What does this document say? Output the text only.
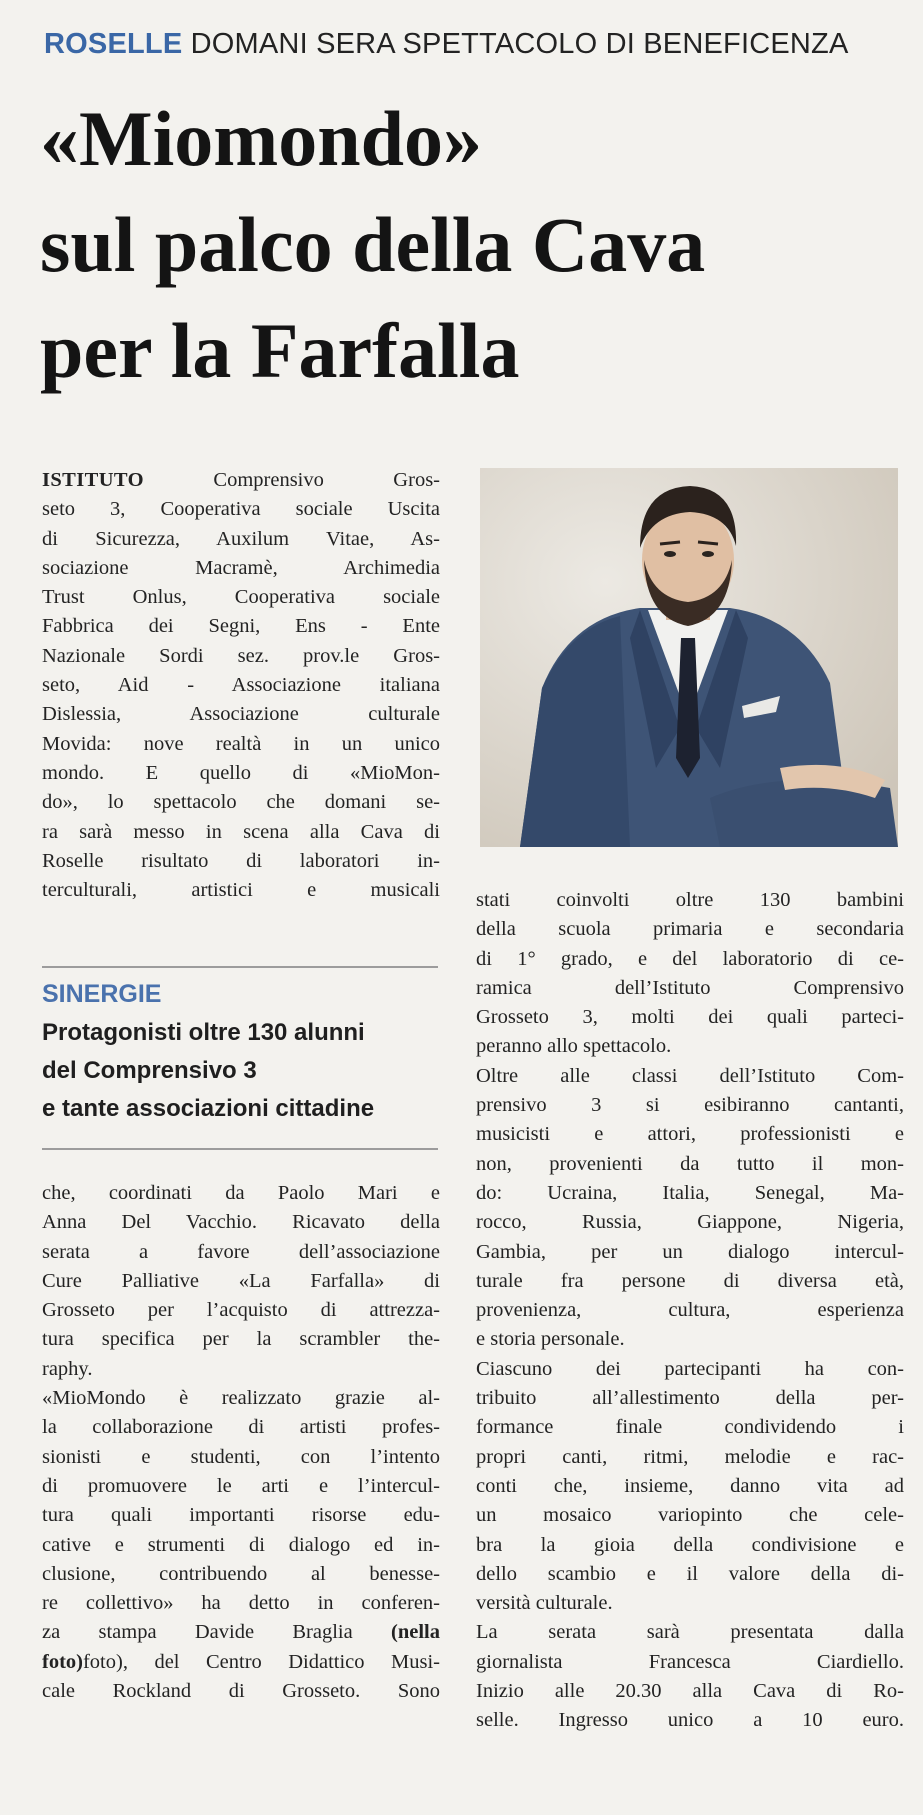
ROSELLE DOMANI SERA SPETTACOLO DI BENEFICENZA
«Miomondo»
sul palco della Cava
per la Farfalla
ISTITUTO Comprensivo Gros-
seto 3, Cooperativa sociale Uscita
di Sicurezza, Auxilum Vitae, As-
sociazione Macramè, Archimedia
Trust Onlus, Cooperativa sociale
Fabbrica dei Segni, Ens - Ente
Nazionale Sordi sez. prov.le Gros-
seto, Aid - Associazione italiana
Dislessia, Associazione culturale
Movida: nove realtà in un unico
mondo. E quello di «MioMon-
do», lo spettacolo che domani se-
ra sarà messo in scena alla Cava di
Roselle risultato di laboratori in-
terculturali, artistici e musicali
SINERGIE
Protagonisti oltre 130 alunni
del Comprensivo 3
e tante associazioni cittadine
che, coordinati da Paolo Mari e
Anna Del Vacchio. Ricavato della
serata a favore dell’associazione
Cure Palliative «La Farfalla» di
Grosseto per l’acquisto di attrezza-
tura specifica per la scrambler the-
raphy.
«MioMondo è realizzato grazie al-
la collaborazione di artisti profes-
sionisti e studenti, con l’intento
di promuovere le arti e l’intercul-
tura quali importanti risorse edu-
cative e strumenti di dialogo ed in-
clusione, contribuendo al benesse-
re collettivo» ha detto in conferen-
za stampa Davide Braglia (nella
foto)foto), del Centro Didattico Musi-
cale Rockland di Grosseto. Sono
stati coinvolti oltre 130 bambini
della scuola primaria e secondaria
di 1° grado, e del laboratorio di ce-
ramica dell’Istituto Comprensivo
Grosseto 3, molti dei quali parteci-
peranno allo spettacolo.
Oltre alle classi dell’Istituto Com-
prensivo 3 si esibiranno cantanti,
musicisti e attori, professionisti e
non, provenienti da tutto il mon-
do: Ucraina, Italia, Senegal, Ma-
rocco, Russia, Giappone, Nigeria,
Gambia, per un dialogo intercul-
turale fra persone di diversa età,
provenienza, cultura, esperienza
e storia personale.
Ciascuno dei partecipanti ha con-
tribuito all’allestimento della per-
formance finale condividendo i
propri canti, ritmi, melodie e rac-
conti che, insieme, danno vita ad
un mosaico variopinto che cele-
bra la gioia della condivisione e
dello scambio e il valore della di-
versità culturale.
La serata sarà presentata dalla
giornalista Francesca Ciardiello.
Inizio alle 20.30 alla Cava di Ro-
selle. Ingresso unico a 10 euro.
